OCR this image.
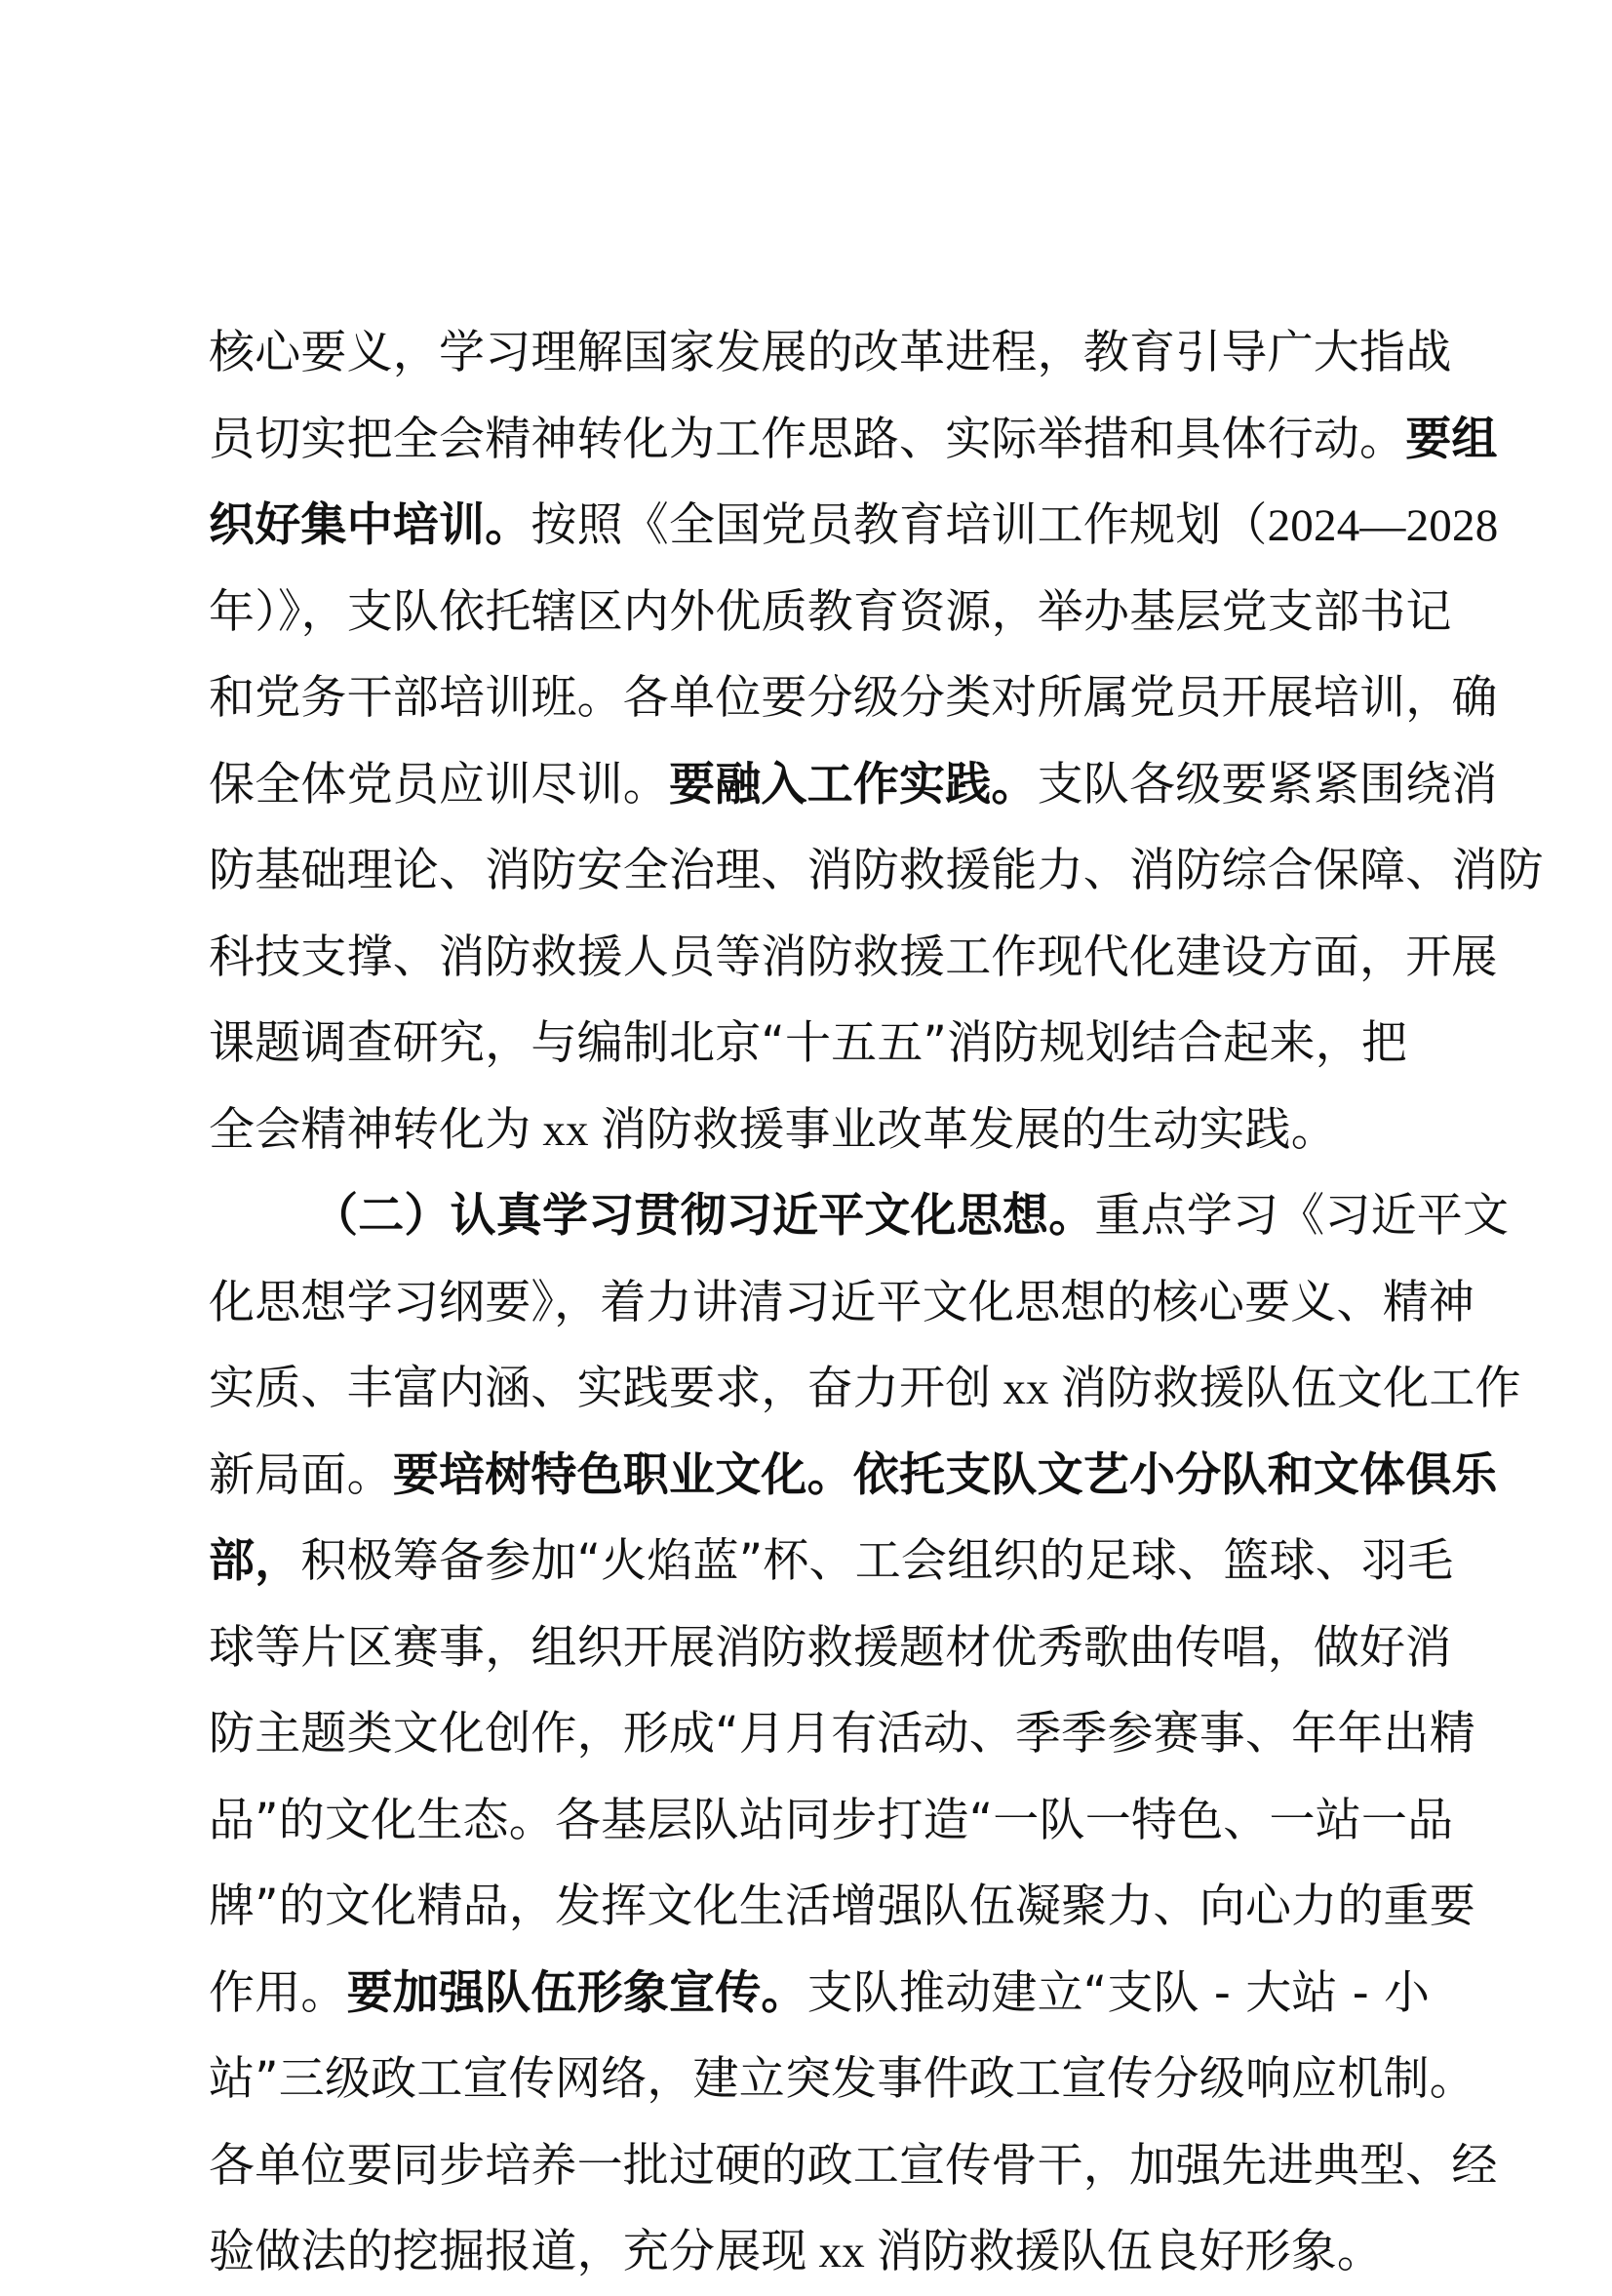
核心要义，学习理解国家发展的改革进程，教育引导广大指战
员切实把全会精神转化为工作思路、实际举措和具体行动。要组
织好集中培训。按照《全国党员教育培训工作规划（2024—2028
年）》，支队依托辖区内外优质教育资源，举办基层党支部书记
和党务干部培训班。各单位要分级分类对所属党员开展培训，确
保全体党员应训尽训。要融入工作实践。支队各级要紧紧围绕消
防基础理论、消防安全治理、消防救援能力、消防综合保障、消防
科技支撑、消防救援人员等消防救援工作现代化建设方面，开展
课题调查研究，与编制北京“十五五”消防规划结合起来，把
全会精神转化为 xx 消防救援事业改革发展的生动实践。
（二）认真学习贯彻习近平文化思想。重点学习《习近平文
化思想学习纲要》，着力讲清习近平文化思想的核心要义、精神
实质、丰富内涵、实践要求，奋力开创 xx 消防救援队伍文化工作
新局面。要培树特色职业文化。依托支队文艺小分队和文体俱乐
部，积极筹备参加“火焰蓝”杯、工会组织的足球、篮球、羽毛
球等片区赛事，组织开展消防救援题材优秀歌曲传唱，做好消
防主题类文化创作，形成“月月有活动、季季参赛事、年年出精
品”的文化生态。各基层队站同步打造“一队一特色、一站一品
牌”的文化精品，发挥文化生活增强队伍凝聚力、向心力的重要
作用。要加强队伍形象宣传。支队推动建立“支队 - 大站 - 小
站”三级政工宣传网络，建立突发事件政工宣传分级响应机制。
各单位要同步培养一批过硬的政工宣传骨干，加强先进典型、经
验做法的挖掘报道，充分展现 xx 消防救援队伍良好形象。
